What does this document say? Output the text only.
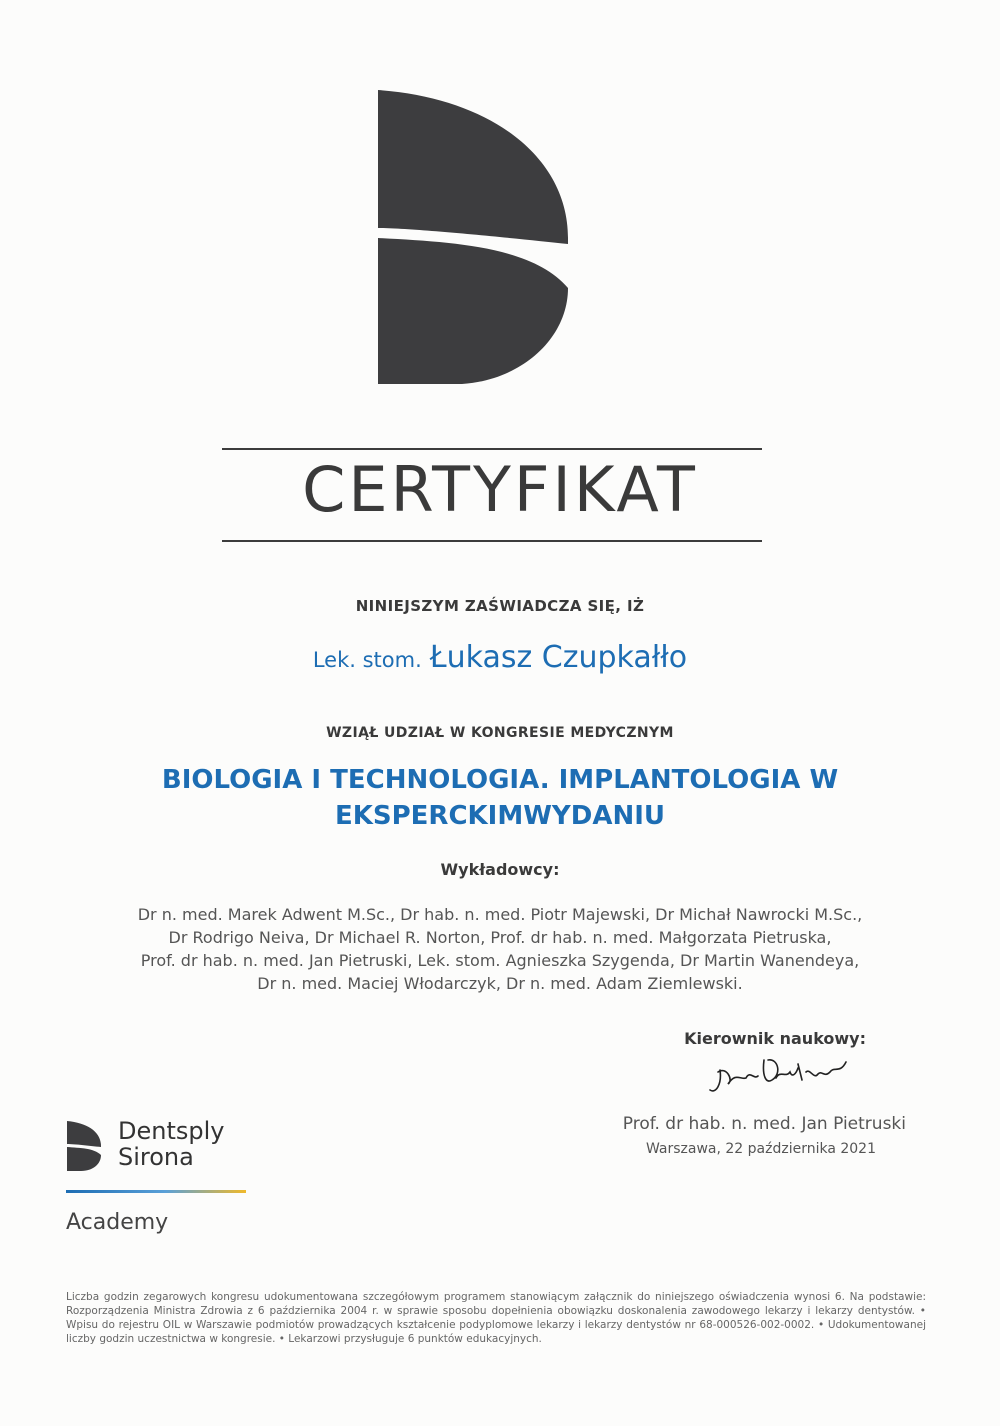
CERTYFIKAT
NINIEJSZYM ZAŚWIADCZA SIĘ, IŻ
Lek. stom. Łukasz Czupkałło
WZIĄŁ UDZIAŁ W KONGRESIE MEDYCZNYM
BIOLOGIA I TECHNOLOGIA. IMPLANTOLOGIA W
EKSPERCKIMWYDANIU
Wykładowcy:
Dr n. med. Marek Adwent M.Sc., Dr hab. n. med. Piotr Majewski, Dr Michał Nawrocki M.Sc.,
Dr Rodrigo Neiva, Dr Michael R. Norton, Prof. dr hab. n. med. Małgorzata Pietruska,
Prof. dr hab. n. med. Jan Pietruski, Lek. stom. Agnieszka Szygenda, Dr Martin Wanendeya,
Dr n. med. Maciej Włodarczyk, Dr n. med. Adam Ziemlewski.
Kierownik naukowy:
Prof. dr hab. n. med. Jan Pietruski
Warszawa, 22 października 2021
Dentsply
Sirona
Academy
Liczba godzin zegarowych kongresu udokumentowana szczegółowym programem stanowiącym załącznik do niniejszego oświadczenia wynosi 6. Na podstawie: Rozporządzenia Ministra Zdrowia z 6 października 2004 r. w sprawie sposobu dopełnienia obowiązku doskonalenia zawodowego lekarzy i lekarzy dentystów. • Wpisu do rejestru OIL w Warszawie podmiotów prowadzących kształcenie podyplomowe lekarzy i lekarzy dentystów nr 68-000526-002-0002. • Udokumentowanej liczby godzin uczestnictwa w kongresie. • Lekarzowi przysługuje 6 punktów edukacyjnych.
